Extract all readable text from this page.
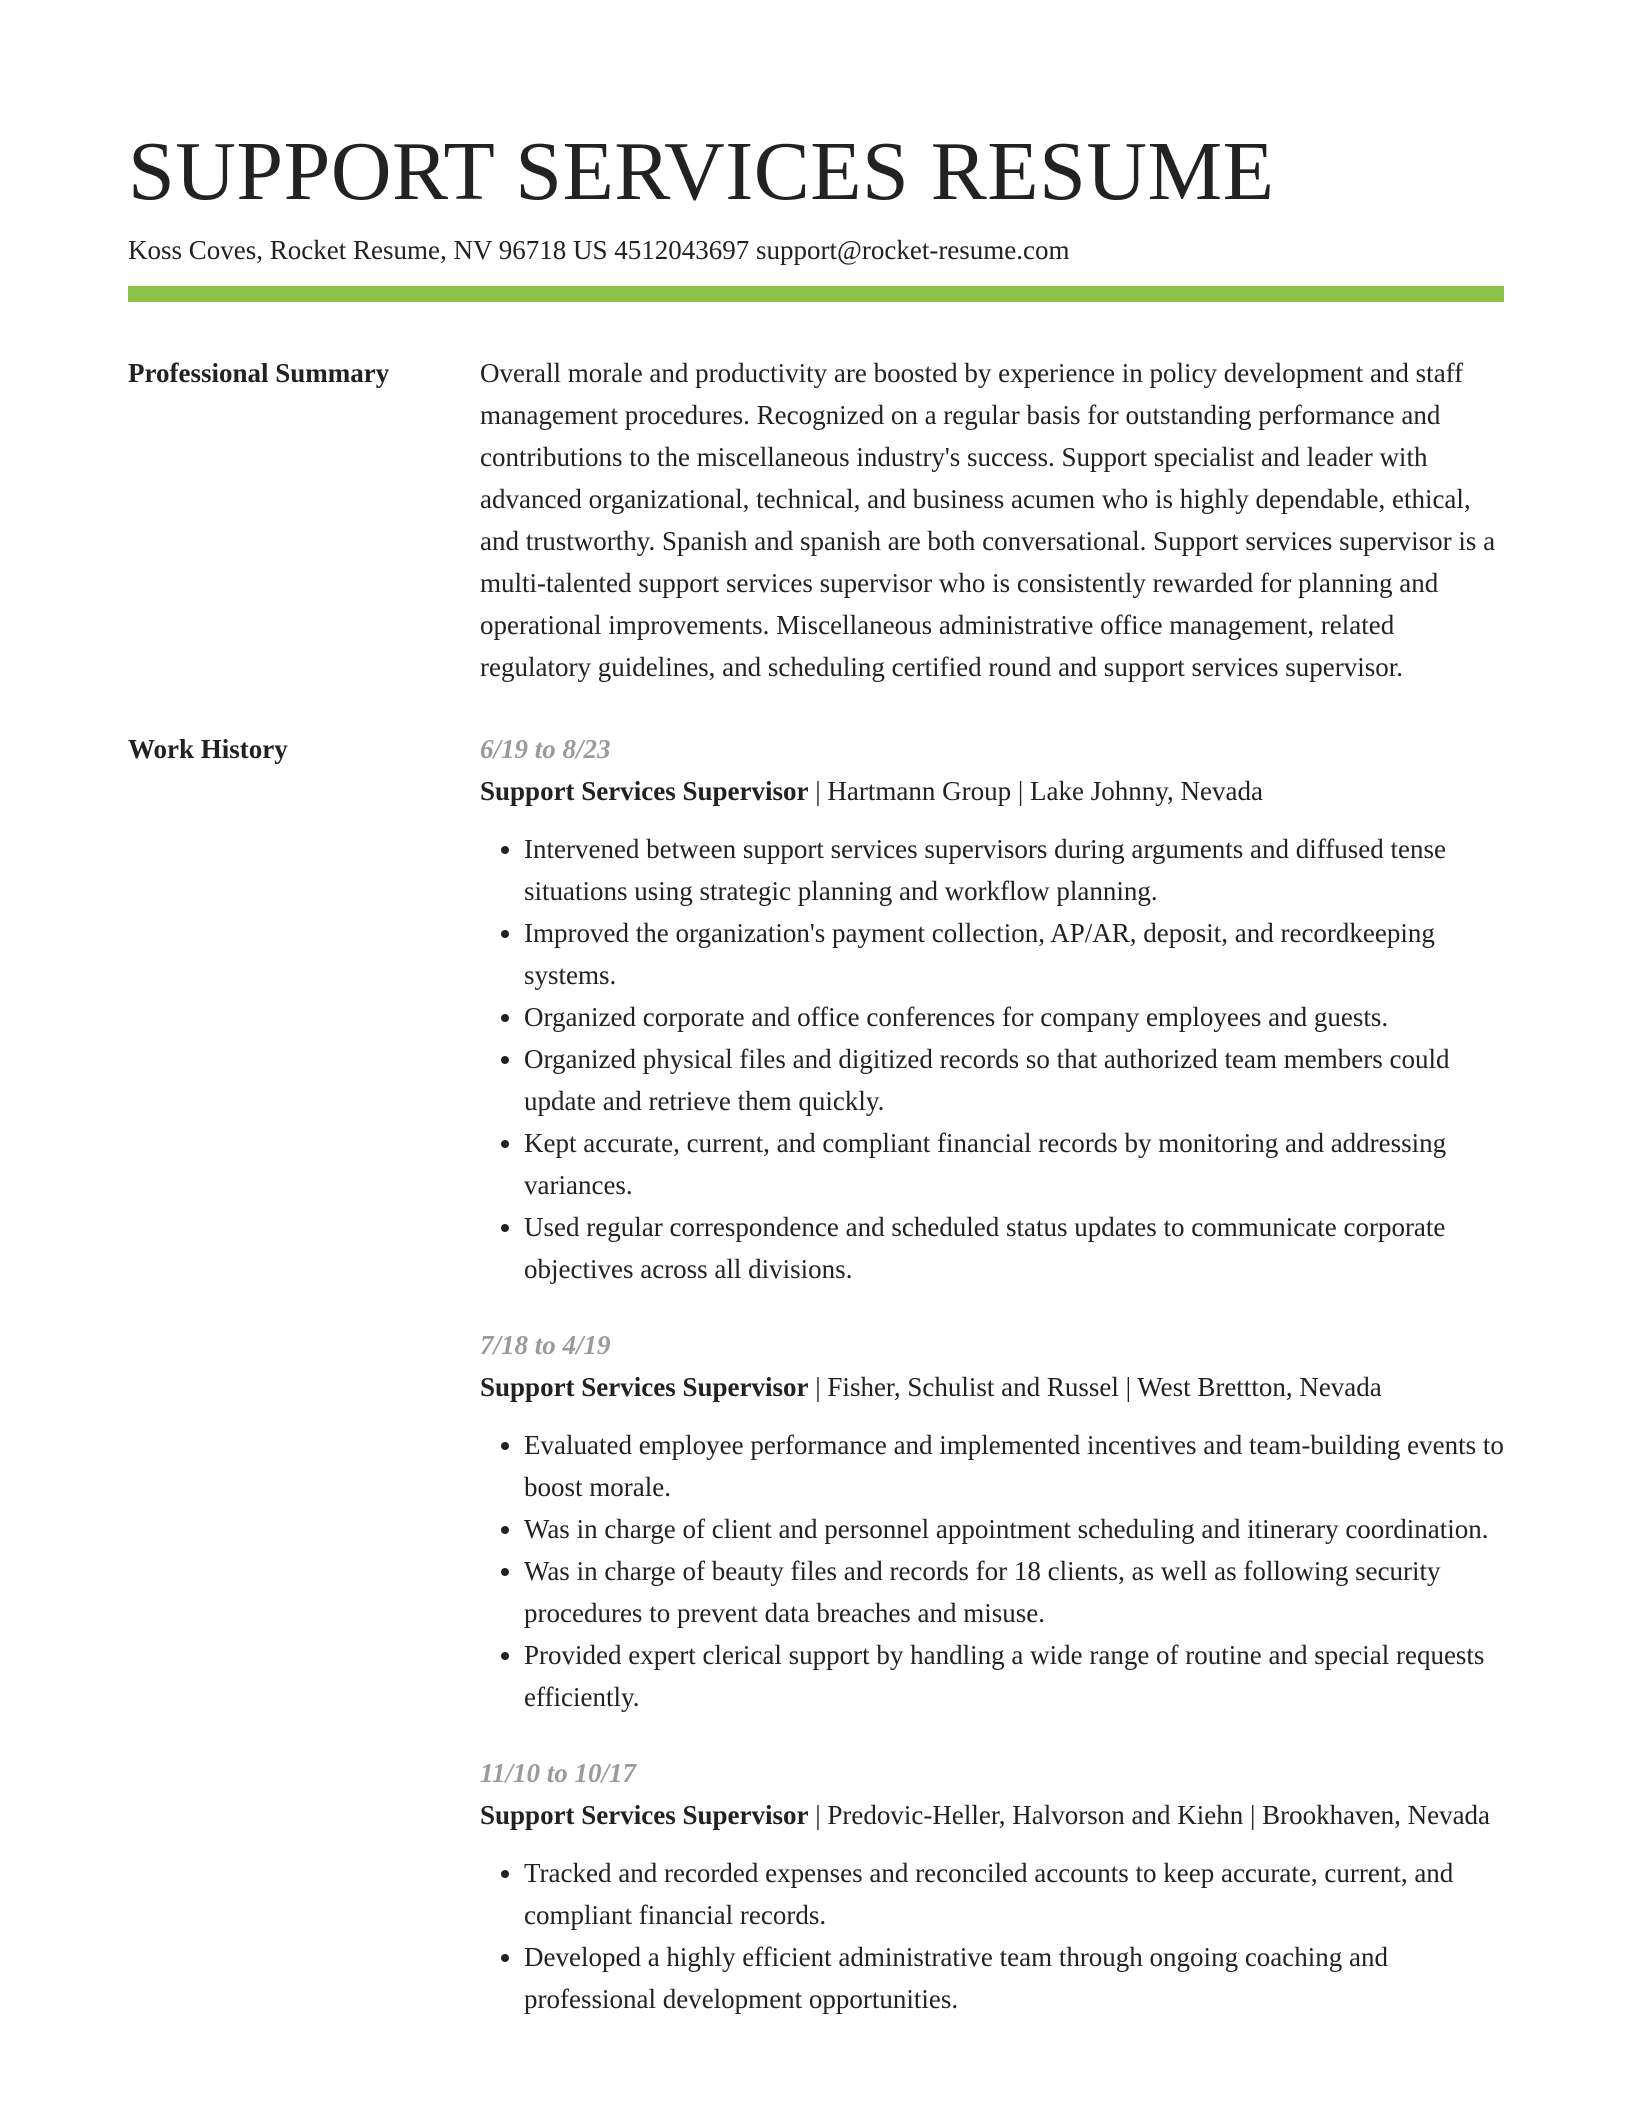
SUPPORT SERVICES RESUME
Koss Coves, Rocket Resume, NV 96718 US 4512043697 support@rocket-resume.com
Professional Summary	Overall morale and productivity are boosted by experience in policy development and staff management procedures. Recognized on a regular basis for outstanding performance and contributions to the miscellaneous industry's success. Support specialist and leader with advanced organizational, technical, and business acumen who is highly dependable, ethical, and trustworthy. Spanish and spanish are both conversational. Support services supervisor is a multi-talented support services supervisor who is consistently rewarded for planning and operational improvements. Miscellaneous administrative office management, related regulatory guidelines, and scheduling certified round and support services supervisor.

Work History	6/19 to 8/23
Support Services Supervisor | Hartmann Group | Lake Johnny, Nevada
• Intervened between support services supervisors during arguments and diffused tense situations using strategic planning and workflow planning.
• Improved the organization's payment collection, AP/AR, deposit, and recordkeeping systems.
• Organized corporate and office conferences for company employees and guests.
• Organized physical files and digitized records so that authorized team members could update and retrieve them quickly.
• Kept accurate, current, and compliant financial records by monitoring and addressing variances.
• Used regular correspondence and scheduled status updates to communicate corporate objectives across all divisions.
7/18 to 4/19
Support Services Supervisor | Fisher, Schulist and Russel | West Brettton, Nevada
• Evaluated employee performance and implemented incentives and team-building events to boost morale.
• Was in charge of client and personnel appointment scheduling and itinerary coordination.
• Was in charge of beauty files and records for 18 clients, as well as following security procedures to prevent data breaches and misuse.
• Provided expert clerical support by handling a wide range of routine and special requests efficiently.
11/10 to 10/17
Support Services Supervisor | Predovic-Heller, Halvorson and Kiehn | Brookhaven, Nevada
• Tracked and recorded expenses and reconciled accounts to keep accurate, current, and compliant financial records.
• Developed a highly efficient administrative team through ongoing coaching and professional development opportunities.
